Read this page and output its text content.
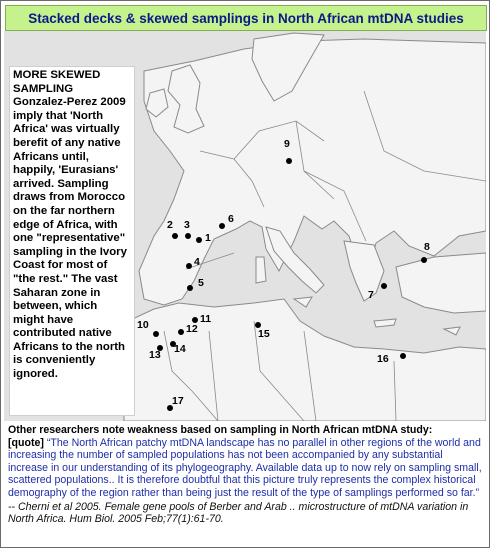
Stacked decks & skewed samplings in North African mtDNA studies
1
2 3
4
5
6
7
8
9
10	11
12
13 14
15
16
17
MORE SKEWED SAMPLING
Gonzalez-Perez 2009 imply that 'North Africa' was virtually berefit of any native Africans until, happily, 'Eurasians' arrived. Sampling draws from Morocco on the far northern edge of Africa, with one "representative" sampling in the Ivory Coast for most of "the rest." The vast Saharan zone in between, which might have contributed native Africans to the north is conveniently ignored.
Other researchers note weakness based on sampling in North African mtDNA study:
[quote] “The North African patchy mtDNA landscape has no parallel in other regions of the world and increasing the number of sampled populations has not been accompanied by any substantial increase in our understanding of its phylogeography. Available data up to now rely on sampling small, scattered populations.. It is therefore doubtful that this picture truly represents the complex historical demography of the region rather than being just the result of the type of samplings performed so far.”
-- Cherni et al 2005. Female gene pools of Berber and Arab .. microstructure of mtDNA variation in North Africa. Hum Biol. 2005 Feb;77(1):61-70.
